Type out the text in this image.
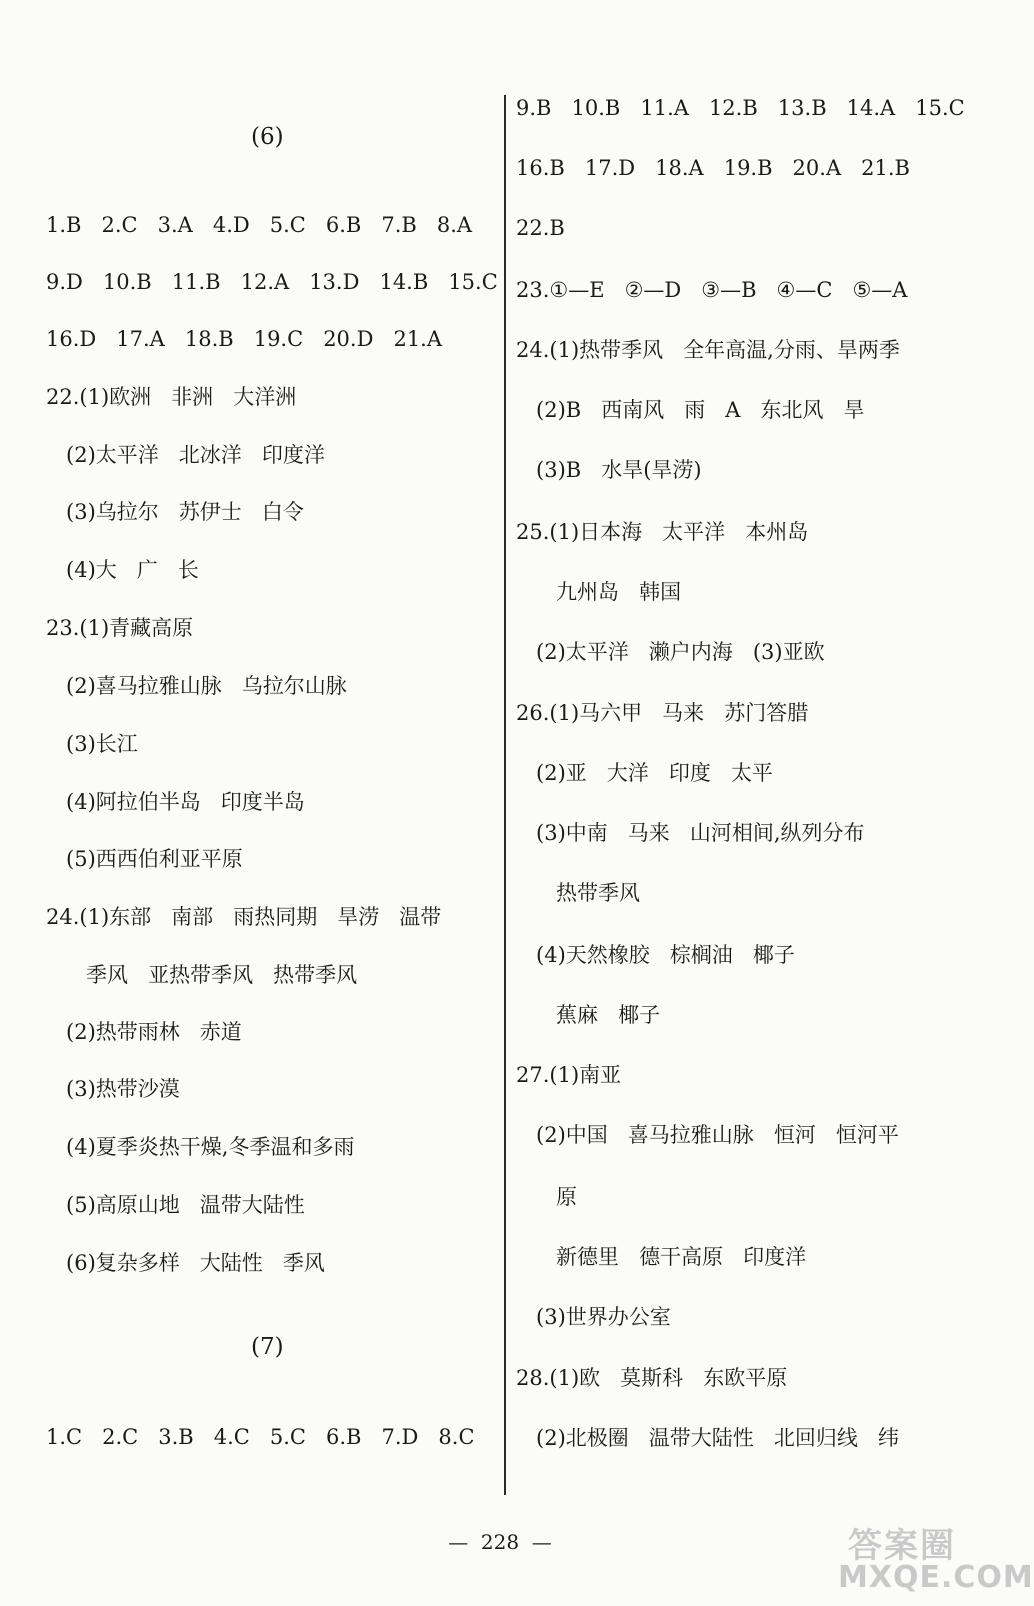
(6)
1.B   2.C   3.A   4.D   5.C   6.B   7.B   8.A
9.D   10.B   11.B   12.A   13.D   14.B   15.C
16.D   17.A   18.B   19.C   20.D   21.A
22.(1)欧洲   非洲   大洋洲
(2)太平洋   北冰洋   印度洋
(3)乌拉尔   苏伊士   白令
(4)大   广   长
23.(1)青藏高原
(2)喜马拉雅山脉   乌拉尔山脉
(3)长江
(4)阿拉伯半岛   印度半岛
(5)西西伯利亚平原
24.(1)东部   南部   雨热同期   旱涝   温带
季风   亚热带季风   热带季风
(2)热带雨林   赤道
(3)热带沙漠
(4)夏季炎热干燥,冬季温和多雨
(5)高原山地   温带大陆性
(6)复杂多样   大陆性   季风
(7)
1.C   2.C   3.B   4.C   5.C   6.B   7.D   8.C
9.B   10.B   11.A   12.B   13.B   14.A   15.C
16.B   17.D   18.A   19.B   20.A   21.B
22.B
23.①—E   ②—D   ③—B   ④—C   ⑤—A
24.(1)热带季风   全年高温,分雨、旱两季
(2)B   西南风   雨   A   东北风   旱
(3)B   水旱(旱涝)
25.(1)日本海   太平洋   本州岛
九州岛   韩国
(2)太平洋   濑户内海   (3)亚欧
26.(1)马六甲   马来   苏门答腊
(2)亚   大洋   印度   太平
(3)中南   马来   山河相间,纵列分布
热带季风
(4)天然橡胶   棕榈油   椰子
蕉麻   椰子
27.(1)南亚
(2)中国   喜马拉雅山脉   恒河   恒河平
原
新德里   德干高原   印度洋
(3)世界办公室
28.(1)欧   莫斯科   东欧平原
(2)北极圈   温带大陆性   北回归线   纬
—  228  —	答案圈
MXQE.COM
